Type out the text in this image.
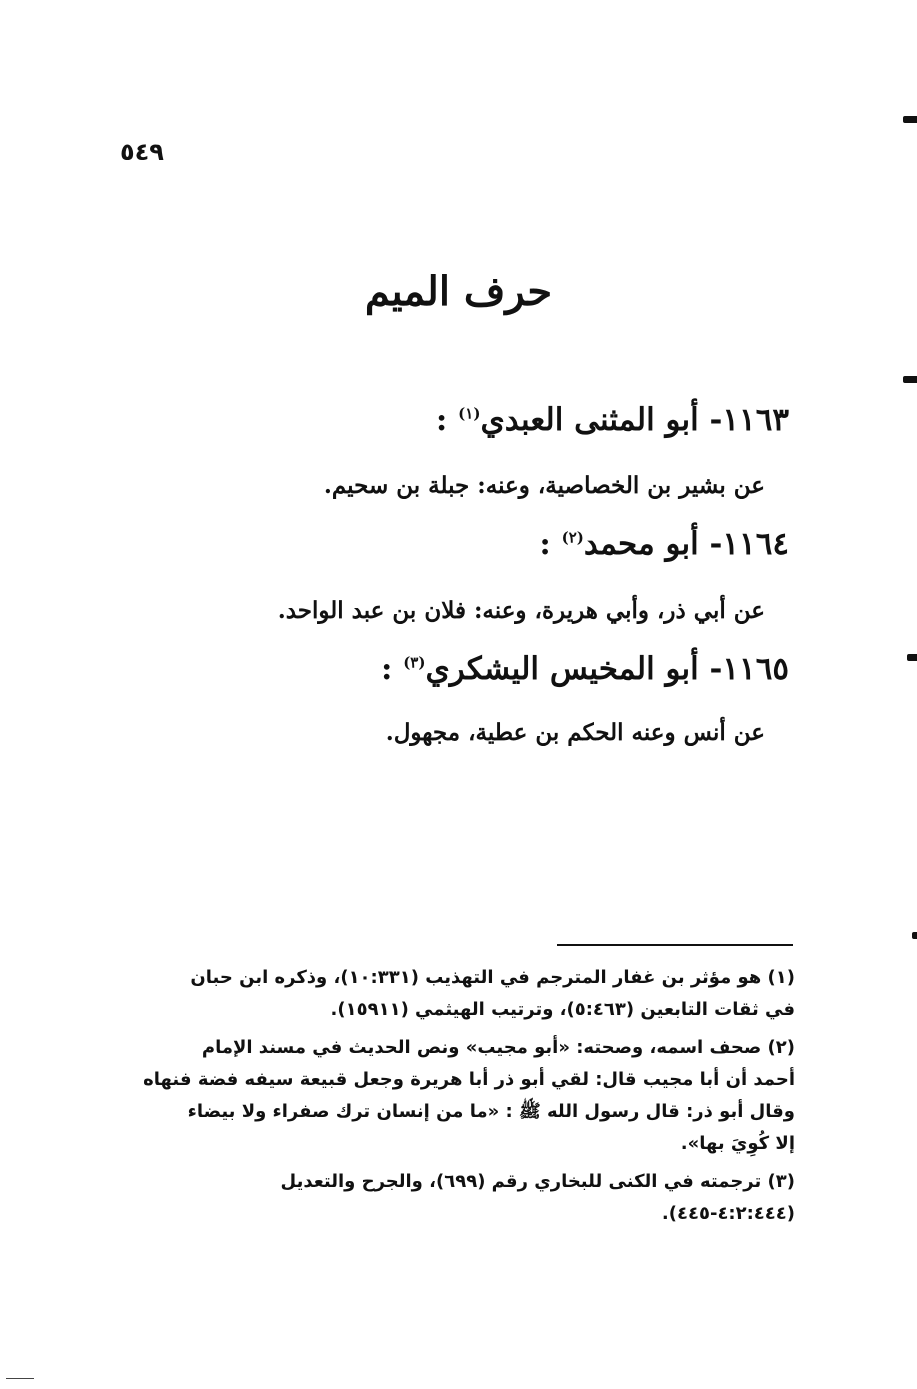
٥٤٩
حرف الميم
١١٦٣- أبو المثنى العبدي$^{(١)}$ :
عن بشير بن الخصاصية، وعنه: جبلة بن سحيم.
١١٦٤- أبو محمد$^{(٢)}$ :
عن أبي ذر، وأبي هريرة، وعنه: فلان بن عبد الواحد.
١١٦٥- أبو المخيس اليشكري$^{(٣)}$ :
عن أنس وعنه الحكم بن عطية، مجهول.
(١) هو مؤثر بن غفار المترجم في التهذيب (١٠:٣٣١)، وذكره ابن حبان
في ثقات التابعين (٥:٤٦٣)، وترتيب الهيثمي (١٥٩١١).
(٢) صحف اسمه، وصحته: «أبو مجيب» ونص الحديث في مسند الإمام
أحمد أن أبا مجيب قال: لقي أبو ذر أبا هريرة وجعل قبيعة سيفه فضة فنهاه
وقال أبو ذر: قال رسول الله ﷺ : «ما من إنسان ترك صفراء ولا بيضاء
إلا كُوِيَ بها».
(٣) ترجمته في الكنى للبخاري رقم (٦٩٩)، والجرح والتعديل
(٤:٢:٤٤٤-٤٤٥).
